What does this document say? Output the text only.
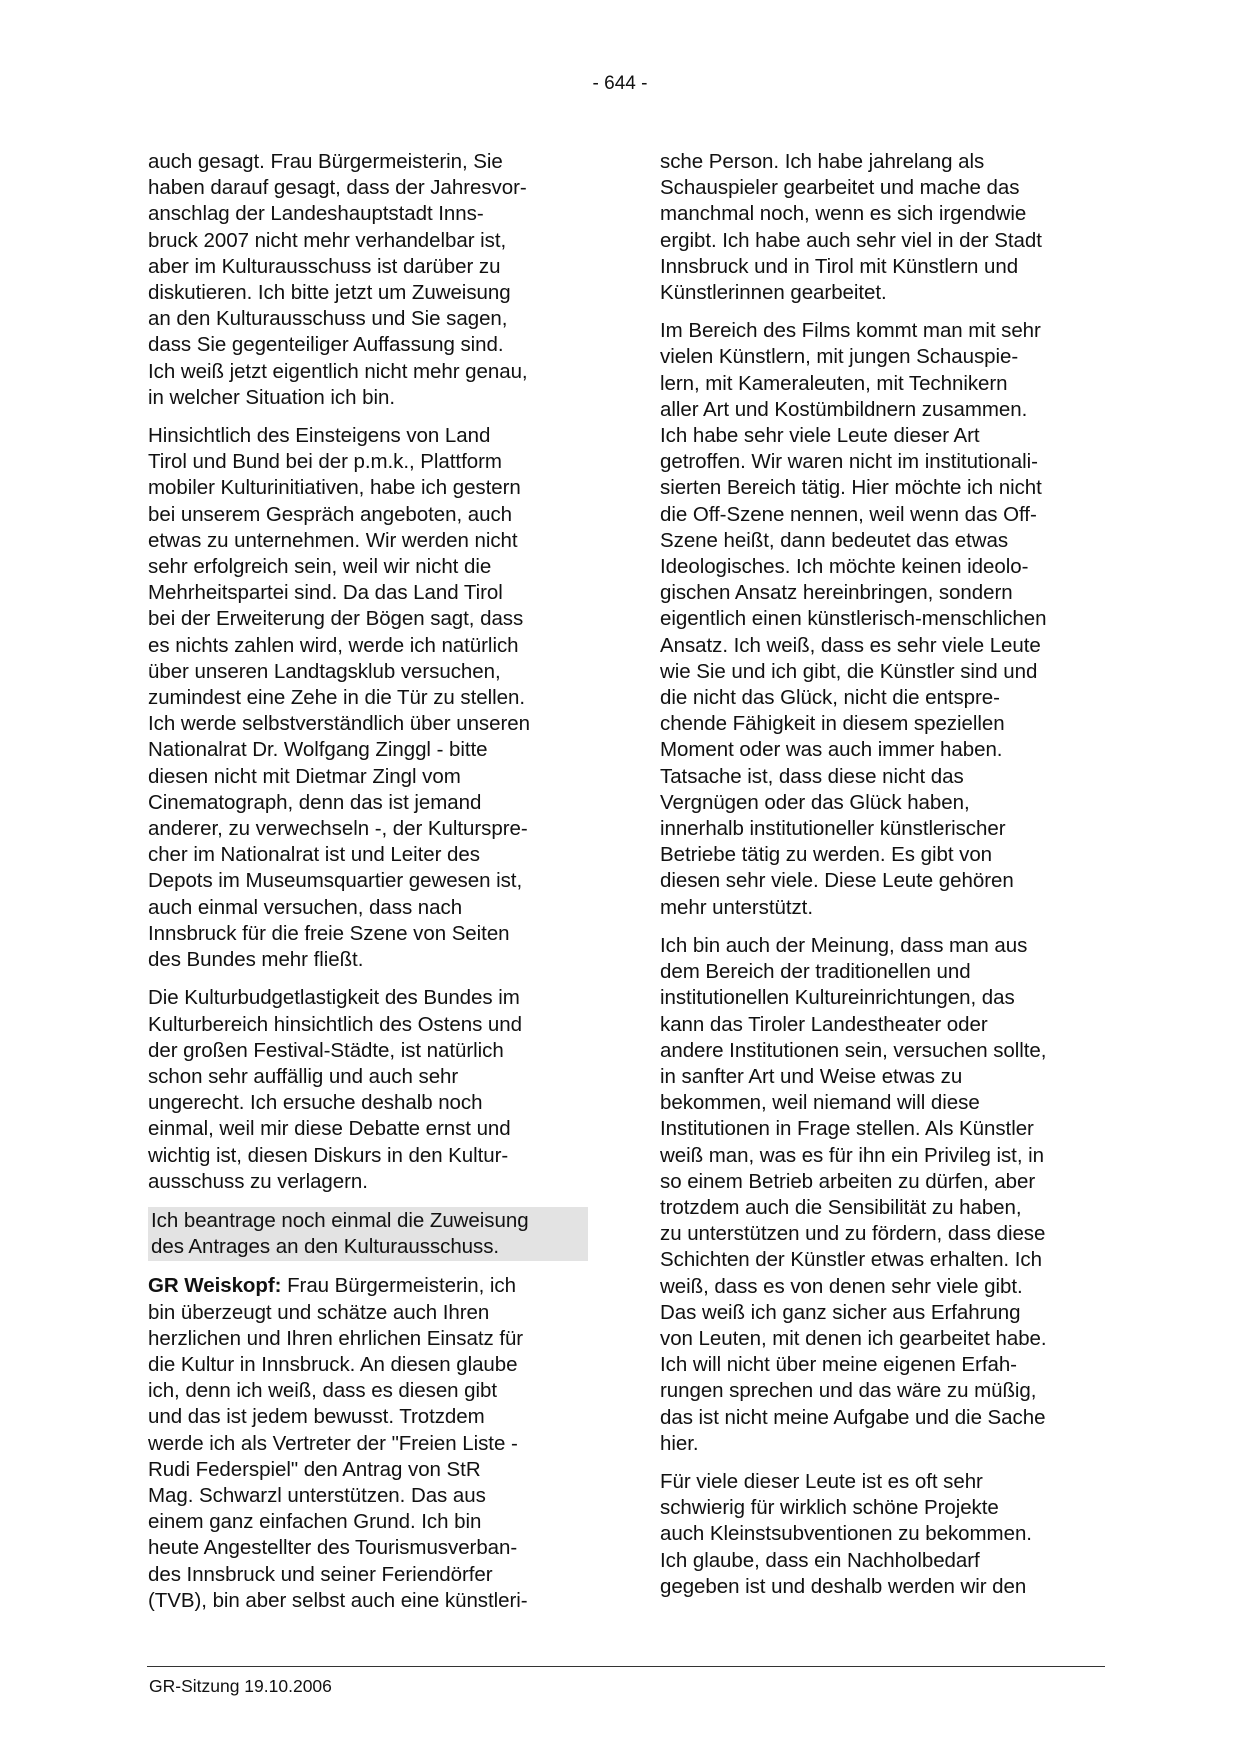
- 644 -

auch gesagt. Frau Bürgermeisterin, Sie
haben darauf gesagt, dass der Jahresvor-
anschlag der Landeshauptstadt Inns-
bruck 2007 nicht mehr verhandelbar ist,
aber im Kulturausschuss ist darüber zu
diskutieren. Ich bitte jetzt um Zuweisung
an den Kulturausschuss und Sie sagen,
dass Sie gegenteiliger Auffassung sind.
Ich weiß jetzt eigentlich nicht mehr genau,
in welcher Situation ich bin.

Hinsichtlich des Einsteigens von Land
Tirol und Bund bei der p.m.k., Plattform
mobiler Kulturinitiativen, habe ich gestern
bei unserem Gespräch angeboten, auch
etwas zu unternehmen. Wir werden nicht
sehr erfolgreich sein, weil wir nicht die
Mehrheitspartei sind. Da das Land Tirol
bei der Erweiterung der Bögen sagt, dass
es nichts zahlen wird, werde ich natürlich
über unseren Landtagsklub versuchen,
zumindest eine Zehe in die Tür zu stellen.
Ich werde selbstverständlich über unseren
Nationalrat Dr. Wolfgang Zinggl - bitte
diesen nicht mit Dietmar Zingl vom
Cinematograph, denn das ist jemand
anderer, zu verwechseln -, der Kulturspre-
cher im Nationalrat ist und Leiter des
Depots im Museumsquartier gewesen ist,
auch einmal versuchen, dass nach
Innsbruck für die freie Szene von Seiten
des Bundes mehr fließt.

Die Kulturbudgetlastigkeit des Bundes im
Kulturbereich hinsichtlich des Ostens und
der großen Festival-Städte, ist natürlich
schon sehr auffällig und auch sehr
ungerecht. Ich ersuche deshalb noch
einmal, weil mir diese Debatte ernst und
wichtig ist, diesen Diskurs in den Kultur-
ausschuss zu verlagern.

Ich beantrage noch einmal die Zuweisung
des Antrages an den Kulturausschuss.

GR Weiskopf: Frau Bürgermeisterin, ich
bin überzeugt und schätze auch Ihren
herzlichen und Ihren ehrlichen Einsatz für
die Kultur in Innsbruck. An diesen glaube
ich, denn ich weiß, dass es diesen gibt
und das ist jedem bewusst. Trotzdem
werde ich als Vertreter der "Freien Liste -
Rudi Federspiel" den Antrag von StR
Mag. Schwarzl unterstützen. Das aus
einem ganz einfachen Grund. Ich bin
heute Angestellter des Tourismusverban-
des Innsbruck und seiner Feriendörfer
(TVB), bin aber selbst auch eine künstleri-

sche Person. Ich habe jahrelang als
Schauspieler gearbeitet und mache das
manchmal noch, wenn es sich irgendwie
ergibt. Ich habe auch sehr viel in der Stadt
Innsbruck und in Tirol mit Künstlern und
Künstlerinnen gearbeitet.

Im Bereich des Films kommt man mit sehr
vielen Künstlern, mit jungen Schauspie-
lern, mit Kameraleuten, mit Technikern
aller Art und Kostümbildnern zusammen.
Ich habe sehr viele Leute dieser Art
getroffen. Wir waren nicht im institutionali-
sierten Bereich tätig. Hier möchte ich nicht
die Off-Szene nennen, weil wenn das Off-
Szene heißt, dann bedeutet das etwas
Ideologisches. Ich möchte keinen ideolo-
gischen Ansatz hereinbringen, sondern
eigentlich einen künstlerisch-menschlichen
Ansatz. Ich weiß, dass es sehr viele Leute
wie Sie und ich gibt, die Künstler sind und
die nicht das Glück, nicht die entspre-
chende Fähigkeit in diesem speziellen
Moment oder was auch immer haben.
Tatsache ist, dass diese nicht das
Vergnügen oder das Glück haben,
innerhalb institutioneller künstlerischer
Betriebe tätig zu werden. Es gibt von
diesen sehr viele. Diese Leute gehören
mehr unterstützt.

Ich bin auch der Meinung, dass man aus
dem Bereich der traditionellen und
institutionellen Kultureinrichtungen, das
kann das Tiroler Landestheater oder
andere Institutionen sein, versuchen sollte,
in sanfter Art und Weise etwas zu
bekommen, weil niemand will diese
Institutionen in Frage stellen. Als Künstler
weiß man, was es für ihn ein Privileg ist, in
so einem Betrieb arbeiten zu dürfen, aber
trotzdem auch die Sensibilität zu haben,
zu unterstützen und zu fördern, dass diese
Schichten der Künstler etwas erhalten. Ich
weiß, dass es von denen sehr viele gibt.
Das weiß ich ganz sicher aus Erfahrung
von Leuten, mit denen ich gearbeitet habe.
Ich will nicht über meine eigenen Erfah-
rungen sprechen und das wäre zu müßig,
das ist nicht meine Aufgabe und die Sache
hier.

Für viele dieser Leute ist es oft sehr
schwierig für wirklich schöne Projekte
auch Kleinstsubventionen zu bekommen.
Ich glaube, dass ein Nachholbedarf
gegeben ist und deshalb werden wir den

GR-Sitzung 19.10.2006
